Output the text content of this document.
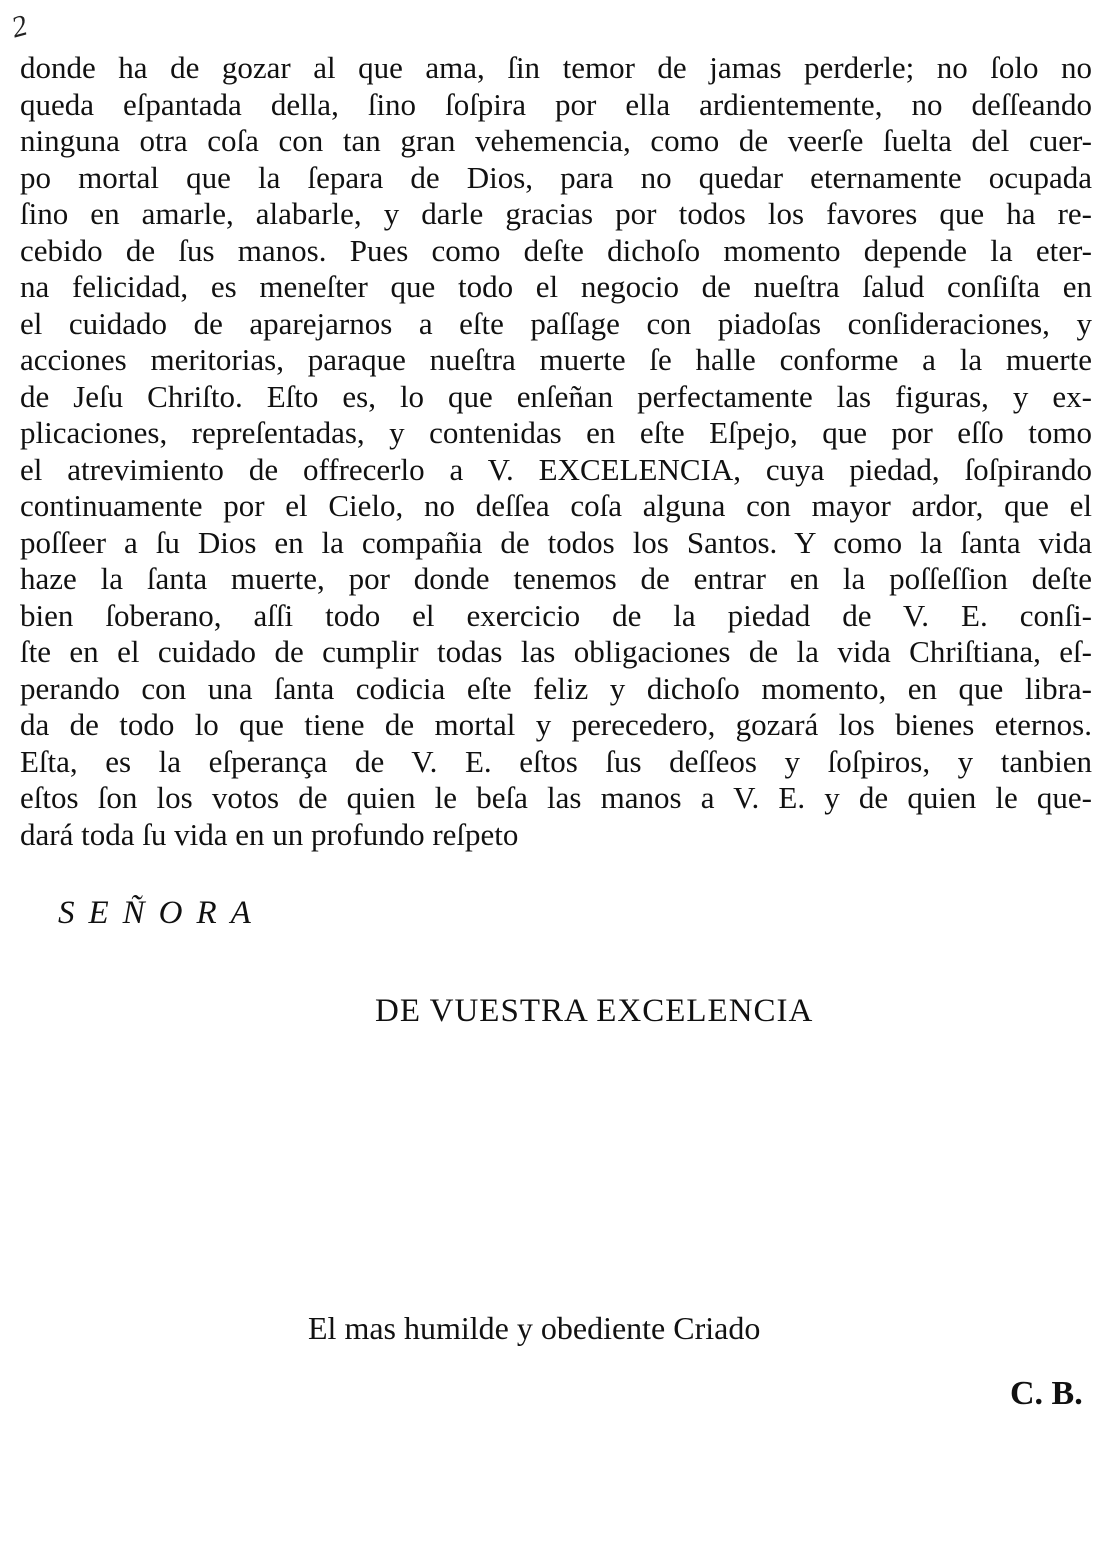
2
donde ha de gozar al que ama, ſin temor de jamas perderle; no ſolo no
queda eſpantada della, ſino ſoſpira por ella ardientemente, no deſſeando
ninguna otra coſa con tan gran vehemencia, como de veerſe ſuelta del cuer-
po mortal que la ſepara de Dios, para no quedar eternamente ocupada
ſino en amarle, alabarle, y darle gracias por todos los favores que ha re-
cebido de ſus manos. Pues como deſte dichoſo momento depende la eter-
na felicidad, es meneſter que todo el negocio de nueſtra ſalud conſiſta en
el cuidado de aparejarnos a eſte paſſage con piadoſas conſideraciones, y
acciones meritorias, paraque nueſtra muerte ſe halle conforme a la muerte
de Jeſu Chriſto. Eſto es, lo que enſeñan perfectamente las figuras, y ex-
plicaciones, repreſentadas, y contenidas en eſte Eſpejo, que por eſſo tomo
el atrevimiento de offrecerlo a V. EXCELENCIA, cuya piedad, ſoſpirando
continuamente por el Cielo, no deſſea coſa alguna con mayor ardor, que el
poſſeer a ſu Dios en la compañia de todos los Santos. Y como la ſanta vida
haze la ſanta muerte, por donde tenemos de entrar en la poſſeſſion deſte
bien ſoberano, aſſi todo el exercicio de la piedad de V. E. conſi-
ſte en el cuidado de cumplir todas las obligaciones de la vida Chriſtiana, eſ-
perando con una ſanta codicia eſte feliz y dichoſo momento, en que libra-
da de todo lo que tiene de mortal y perecedero, gozará los bienes eternos.
Eſta, es la eſperança de V. E. eſtos ſus deſſeos y ſoſpiros, y tanbien
eſtos ſon los votos de quien le beſa las manos a V. E. y de quien le que-
dará toda ſu vida en un profundo reſpeto
SEÑORA
DE VUESTRA EXCELENCIA
El mas humilde y obediente Criado
C. B.
